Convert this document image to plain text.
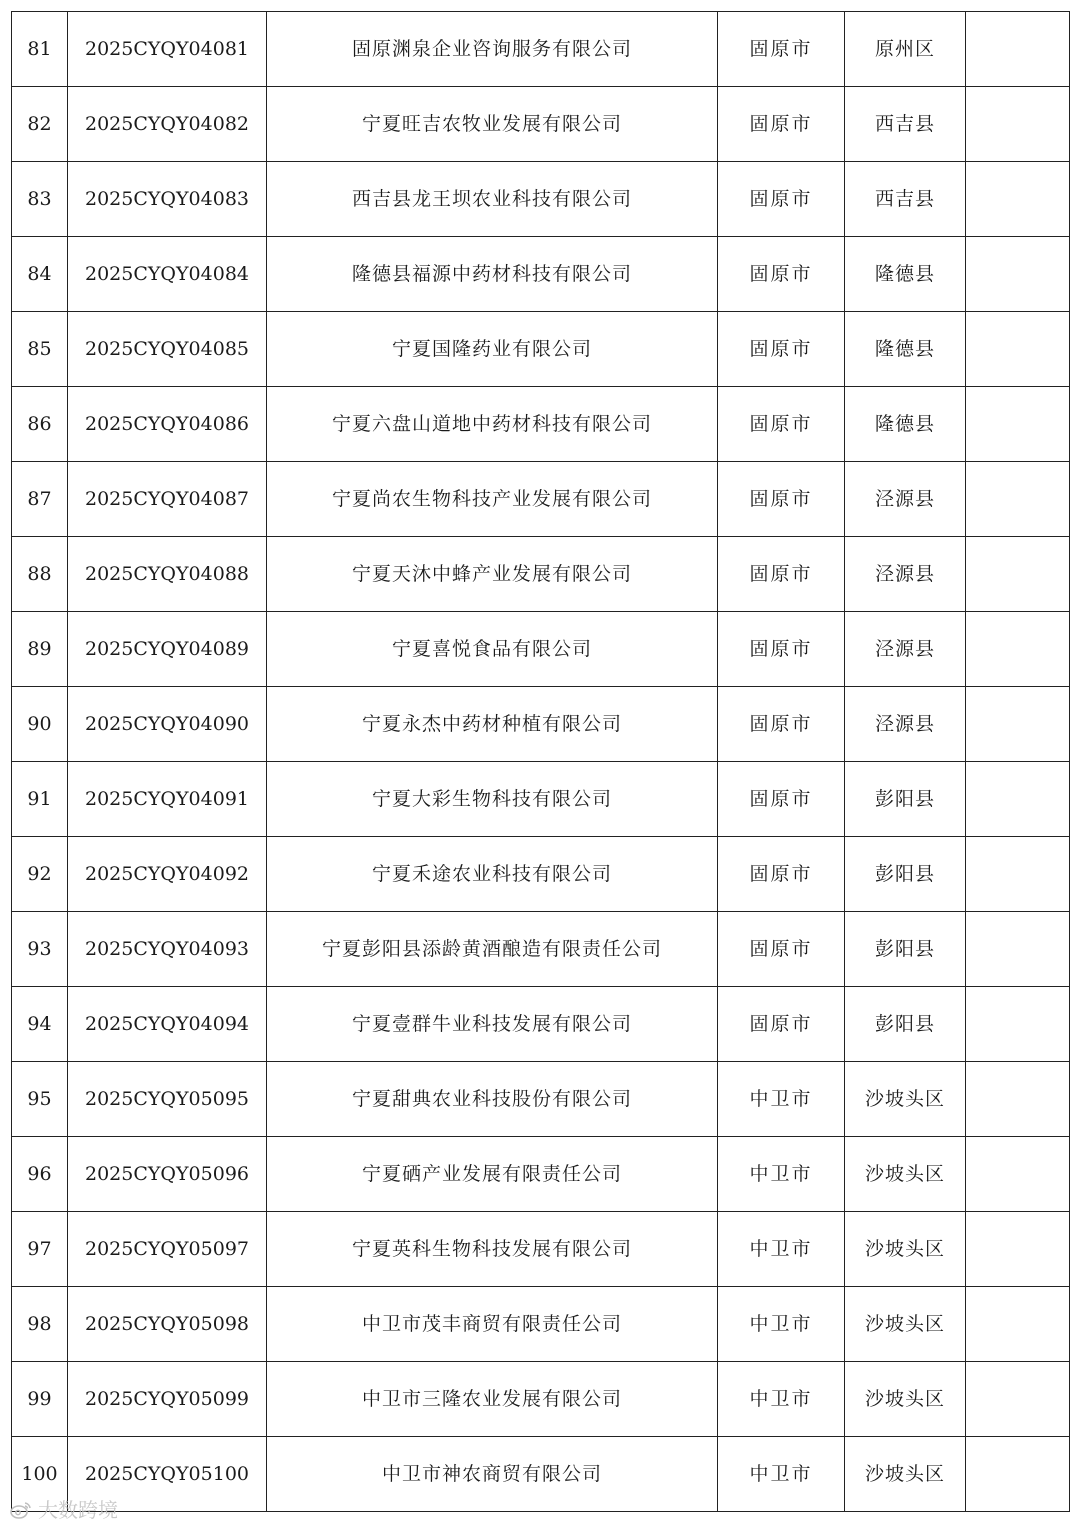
81	2025CYQY04081	固原渊泉企业咨询服务有限公司	固原市	原州区	
82	2025CYQY04082	宁夏旺吉农牧业发展有限公司	固原市	西吉县	
83	2025CYQY04083	西吉县龙王坝农业科技有限公司	固原市	西吉县	
84	2025CYQY04084	隆德县福源中药材科技有限公司	固原市	隆德县	
85	2025CYQY04085	宁夏国隆药业有限公司	固原市	隆德县	
86	2025CYQY04086	宁夏六盘山道地中药材科技有限公司	固原市	隆德县	
87	2025CYQY04087	宁夏尚农生物科技产业发展有限公司	固原市	泾源县	
88	2025CYQY04088	宁夏天沐中蜂产业发展有限公司	固原市	泾源县	
89	2025CYQY04089	宁夏喜悦食品有限公司	固原市	泾源县	
90	2025CYQY04090	宁夏永杰中药材种植有限公司	固原市	泾源县	
91	2025CYQY04091	宁夏大彩生物科技有限公司	固原市	彭阳县	
92	2025CYQY04092	宁夏禾途农业科技有限公司	固原市	彭阳县	
93	2025CYQY04093	宁夏彭阳县添龄黄酒酿造有限责任公司	固原市	彭阳县	
94	2025CYQY04094	宁夏壹群牛业科技发展有限公司	固原市	彭阳县	
95	2025CYQY05095	宁夏甜典农业科技股份有限公司	中卫市	沙坡头区	
96	2025CYQY05096	宁夏硒产业发展有限责任公司	中卫市	沙坡头区	
97	2025CYQY05097	宁夏英科生物科技发展有限公司	中卫市	沙坡头区	
98	2025CYQY05098	中卫市茂丰商贸有限责任公司	中卫市	沙坡头区	
99	2025CYQY05099	中卫市三隆农业发展有限公司	中卫市	沙坡头区	
100	2025CYQY05100	中卫市神农商贸有限公司	中卫市	沙坡头区	
大数跨境
